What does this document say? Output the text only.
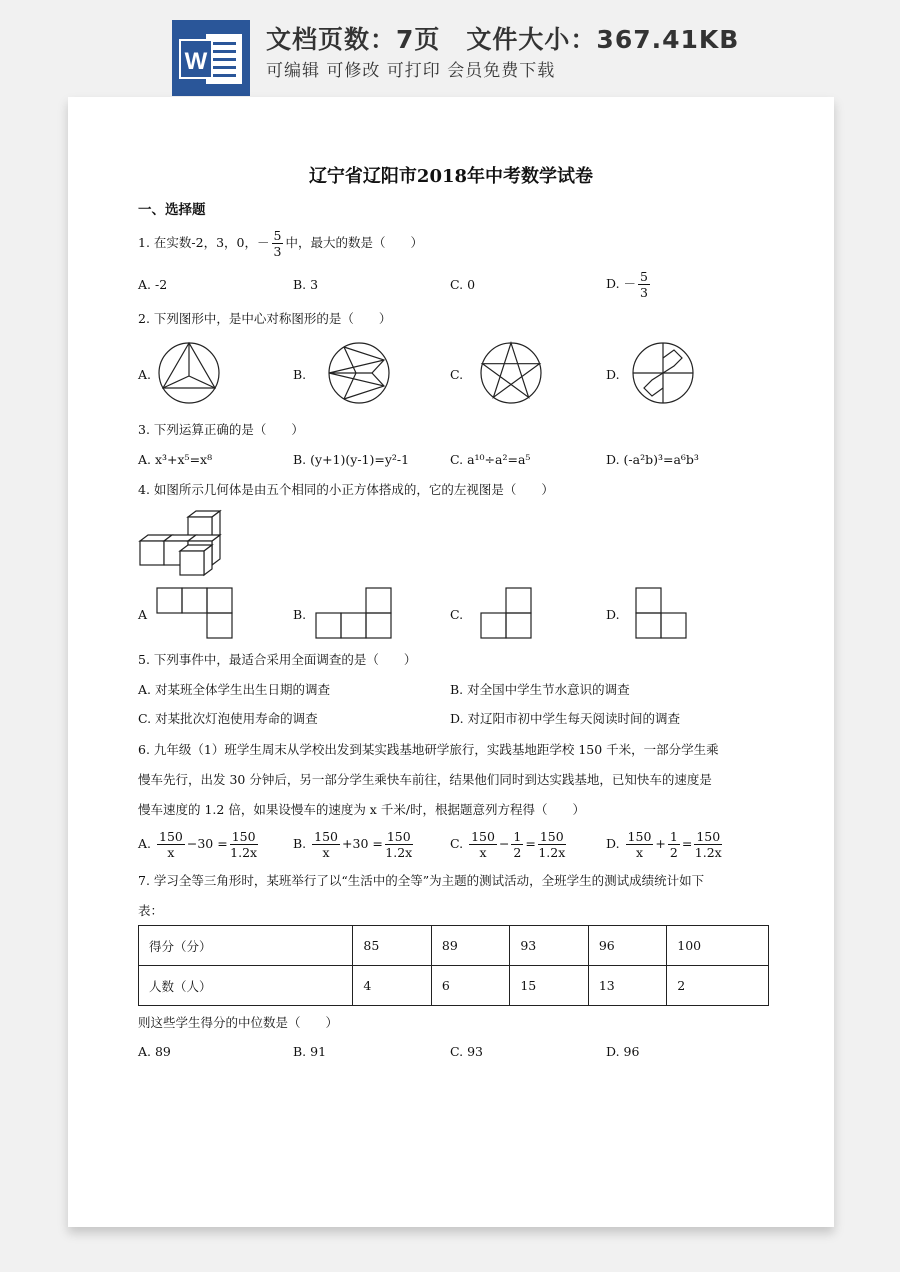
W
文档页数：7页　 文件大小：367.41KB
可编辑 可修改 可打印 会员免费下载
辽宁省辽阳市2018年中考数学试卷
一、选择题
1. 在实数-2，3，0，－ $\frac{5}{3}$ 中，最大的数是（　　）
A. -2	B. 3	C. 0	D. － $\frac{5}{3}$
2. 下列图形中，是中心对称图形的是（　　）
A.	B.	C.	D.
3. 下列运算正确的是（　　）
A. x³+x⁵=x⁸	B. (y+1)(y-1)=y²-1	C. a¹⁰÷a²=a⁵	D. (-a²b)³=a⁶b³
4. 如图所示几何体是由五个相同的小正方体搭成的，它的左视图是（　　）
A	B.	C.	D.
5. 下列事件中，最适合采用全面调查的是（　　）
A. 对某班全体学生出生日期的调查	B. 对全国中学生节水意识的调查
C. 对某批次灯泡使用寿命的调查	D. 对辽阳市初中学生每天阅读时间的调查
6. 九年级（1）班学生周末从学校出发到某实践基地研学旅行，实践基地距学校 150 千米，一部分学生乘
慢车先行，出发 30 分钟后，另一部分学生乘快车前往，结果他们同时到达实践基地，已知快车的速度是
慢车速度的 1.2 倍，如果设慢车的速度为 x 千米/时，根据题意列方程得（　　）
A. $\frac{150}{x} -30 = \frac{150}{1.2x}$	B. $\frac{150}{x} +30 = \frac{150}{1.2x}$	C. $\frac{150}{x} - \frac{1}{2} = \frac{150}{1.2x}$	D. $\frac{150}{x} + \frac{1}{2} = \frac{150}{1.2x}$
7. 学习全等三角形时，某班举行了以“生活中的全等”为主题的测试活动，全班学生的测试成绩统计如下
表：
得分（分）	85	89	93	96	100
人数（人）	4	6	15	13	2
则这些学生得分的中位数是（　　）
A. 89	B. 91	C. 93	D. 96
